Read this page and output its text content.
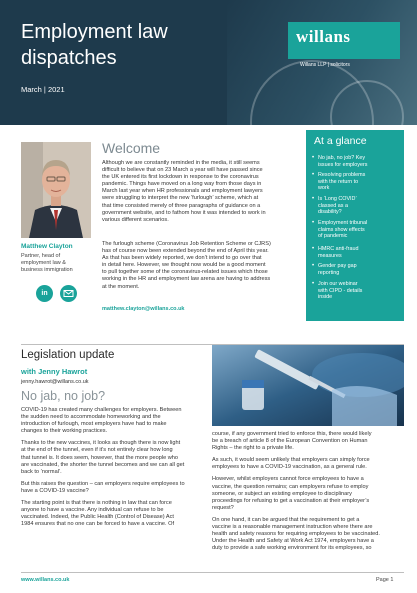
Employment law
dispatches
March | 2021
willans
Willans LLP | solicitors
Matthew Clayton
Partner, head of
employment law &
business immigration
in
Welcome
Although we are constantly reminded in the media, it still seems
difficult to believe that on 23 March a year will have passed since
the UK entered its first lockdown in response to the coronavirus
pandemic. Things have moved on a long way from those days in
March last year when HR professionals and employment lawyers
were struggling to interpret the new ‘furlough’ scheme, which at
that time consisted merely of three paragraphs of guidance on a
government website, and to fathom how it was intended to work in
various different scenarios.
The furlough scheme (Coronavirus Job Retention Scheme or CJRS)
has of course now been extended beyond the end of April this year.
As that has been widely reported, we don’t intend to go over that
in detail here. However, we thought now would be a good moment
to pull together some of the coronavirus-related issues which those
working in the HR and employment law arena are having to address
at the moment.
matthew.clayton@willans.co.uk
At a glance
• No jab, no job? Key
issues for employers
• Resolving problems
with the return to
work
• Is ‘Long COVID’
classed as a
disability?
• Employment tribunal
claims show effects
of pandemic
• HMRC anti-fraud
measures
• Gender pay gap
reporting
• Join our webinar
with CIPD - details
inside
Legislation update
with Jenny Hawrot
jenny.hawrot@willans.co.uk
No jab, no job?
COVID-19 has created many challenges for employers. Between
the sudden need to accommodate homeworking and the
introduction of furlough, most employers have had to make
changes to their working practices.
Thanks to the new vaccines, it looks as though there is now light
at the end of the tunnel, even if it’s not entirely clear how long
that tunnel is. It does seem, however, that the more people who
are vaccinated, the shorter the tunnel becomes and we can all get
back to ‘normal’.
But this raises the question – can employers require employees to
have a COVID-19 vaccine?
The starting point is that there is nothing in law that can force
anyone to have a vaccine. Any individual can refuse to be
vaccinated. Indeed, the Public Health (Control of Disease) Act
1984 ensures that no one can be forced to have a vaccine. Of
course, if any government tried to enforce this, there would likely
be a breach of article 8 of the European Convention on Human
Rights – the right to a private life.
As such, it would seem unlikely that employers can simply force
employees to have a COVID-19 vaccination, as a general rule.
However, whilst employers cannot force employees to have a
vaccine, the question remains; can employers refuse to employ
someone, or subject an existing employee to disciplinary
proceedings for refusing to get a vaccination at their employer’s
request?
On one hand, it can be argued that the requirement to get a
vaccine is a reasonable management instruction where there are
health and safety reasons for requiring employees to be vaccinated.
Under the Health and Safety at Work Act 1974, employers have a
duty to provide a safe working environment for its employees, so
www.willans.co.uk	Page 1
